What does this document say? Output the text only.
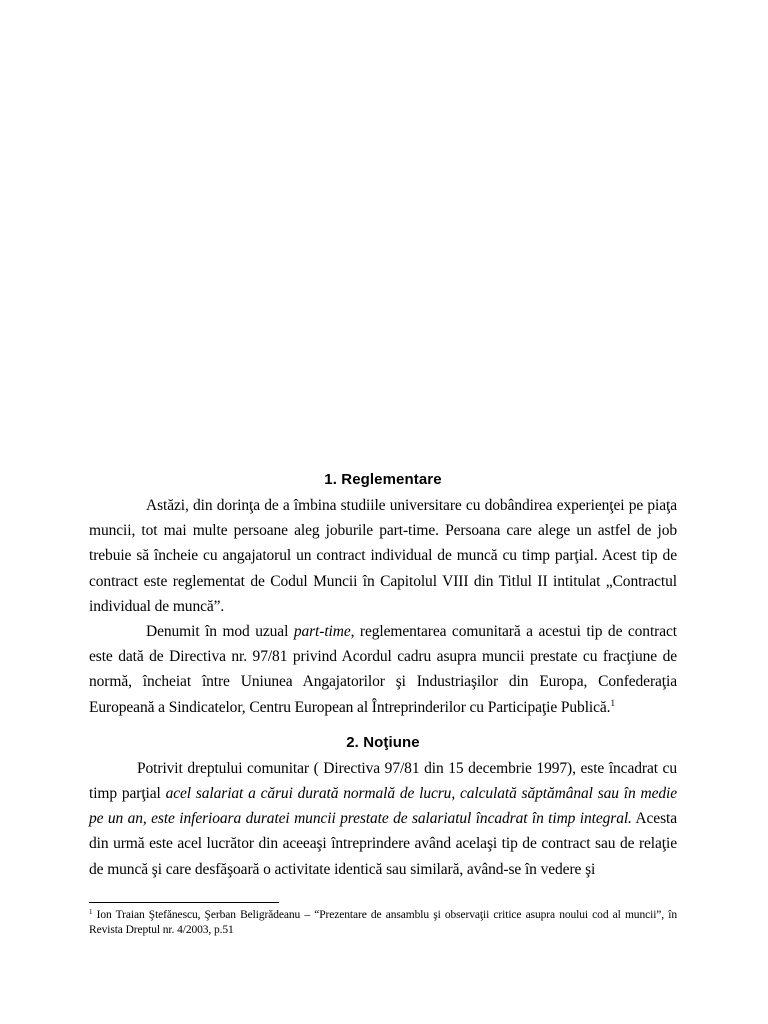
1. Reglementare

Astăzi, din dorinţa de a îmbina studiile universitare cu dobândirea experienţei pe piaţa muncii, tot mai multe persoane aleg joburile part-time. Persoana care alege un astfel de job trebuie să încheie cu angajatorul un contract individual de muncă cu timp parţial. Acest tip de contract este reglementat de Codul Muncii în Capitolul VIII din Titlul II intitulat „Contractul individual de muncă”.

Denumit în mod uzual part-time, reglementarea comunitară a acestui tip de contract este dată de Directiva nr. 97/81 privind Acordul cadru asupra muncii prestate cu fracţiune de normă, încheiat între Uniunea Angajatorilor şi Industriaşilor din Europa, Confederaţia Europeană a Sindicatelor, Centru European al Întreprinderilor cu Participaţie Publică.$^1$

2. Noţiune

Potrivit dreptului comunitar ( Directiva 97/81 din 15 decembrie 1997), este încadrat cu timp parţial acel salariat a cărui durată normală de lucru, calculată săptămânal sau în medie pe un an, este inferioara duratei muncii prestate de salariatul încadrat în timp integral. Acesta din urmă este acel lucrător din aceeaşi întreprindere având acelaşi tip de contract sau de relaţie de muncă şi care desfăşoară o activitate identică sau similară, având-se în vedere şi

$^1$ Ion Traian Ştefănescu, Şerban Beligrădeanu – “Prezentare de ansamblu şi observaţii critice asupra noului cod al muncii”, în Revista Dreptul nr. 4/2003, p.51
